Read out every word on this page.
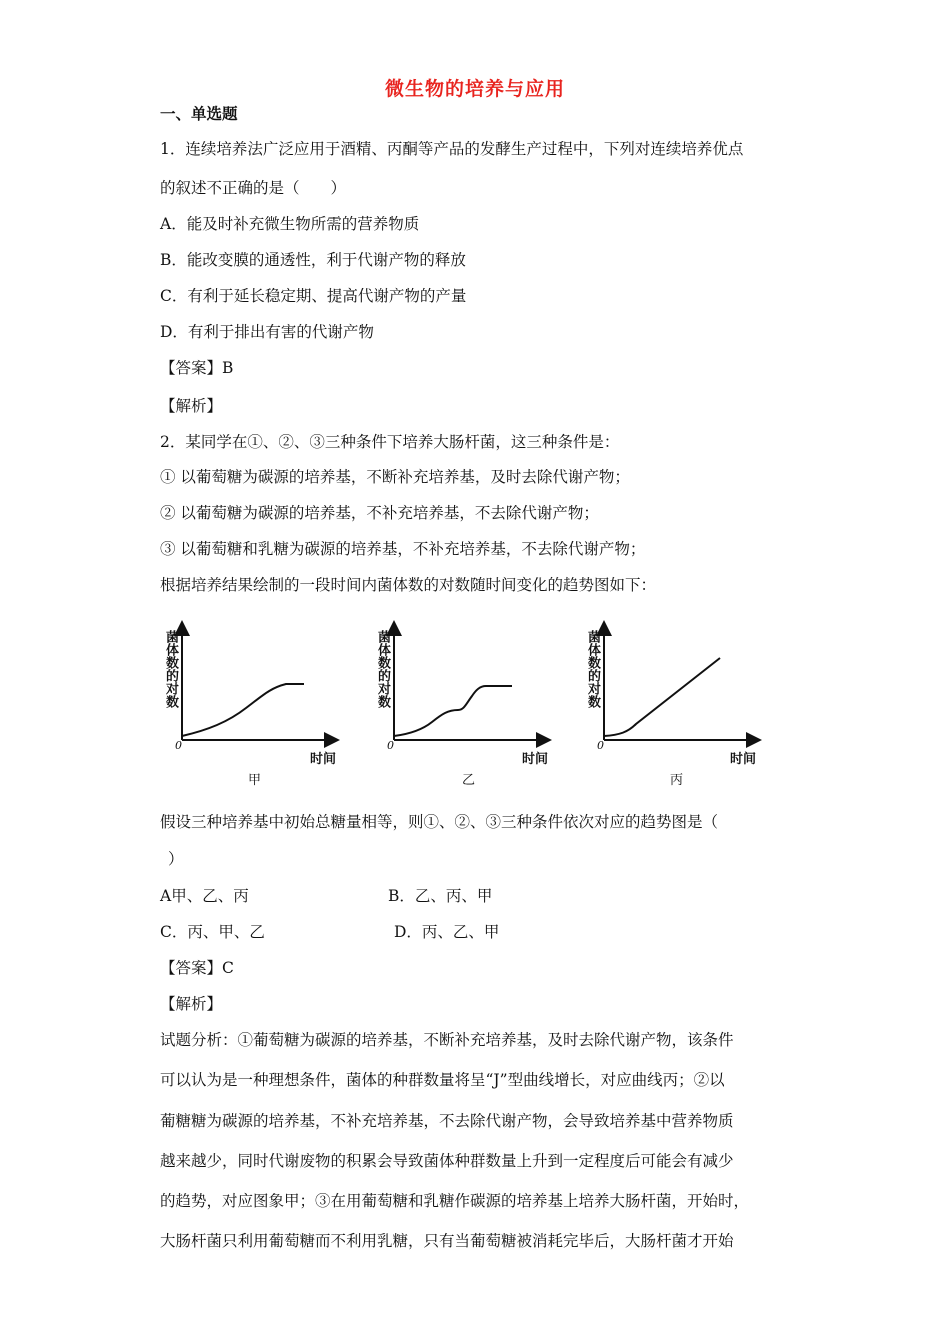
微生物的培养与应用
一、单选题
1．连续培养法广泛应用于酒精、丙酮等产品的发酵生产过程中，下列对连续培养优点
的叙述不正确的是（　　）
A．能及时补充微生物所需的营养物质
B．能改变膜的通透性，利于代谢产物的释放
C．有利于延长稳定期、提高代谢产物的产量
D．有利于排出有害的代谢产物
【答案】B
【解析】
2．某同学在①、②、③三种条件下培养大肠杆菌，这三种条件是：
① 以葡萄糖为碳源的培养基，不断补充培养基，及时去除代谢产物；
② 以葡萄糖为碳源的培养基，不补充培养基，不去除代谢产物；
③ 以葡萄糖和乳糖为碳源的培养基，不补充培养基，不去除代谢产物；
根据培养结果绘制的一段时间内菌体数的对数随时间变化的趋势图如下：
菌体数的对数
0
时间
甲
菌体数的对数
0
时间
乙
菌体数的对数
0
时间
丙
假设三种培养基中初始总糖量相等，则①、②、③三种条件依次对应的趋势图是（
）
A甲、乙、丙	B．乙、丙、甲
C．丙、甲、乙	D．丙、乙、甲
【答案】C
【解析】
试题分析：①葡萄糖为碳源的培养基，不断补充培养基，及时去除代谢产物，该条件
可以认为是一种理想条件，菌体的种群数量将呈“J”型曲线增长，对应曲线丙；②以
葡糖糖为碳源的培养基，不补充培养基，不去除代谢产物，会导致培养基中营养物质
越来越少，同时代谢废物的积累会导致菌体种群数量上升到一定程度后可能会有减少
的趋势，对应图象甲；③在用葡萄糖和乳糖作碳源的培养基上培养大肠杆菌，开始时，
大肠杆菌只利用葡萄糖而不利用乳糖，只有当葡萄糖被消耗完毕后，大肠杆菌才开始
